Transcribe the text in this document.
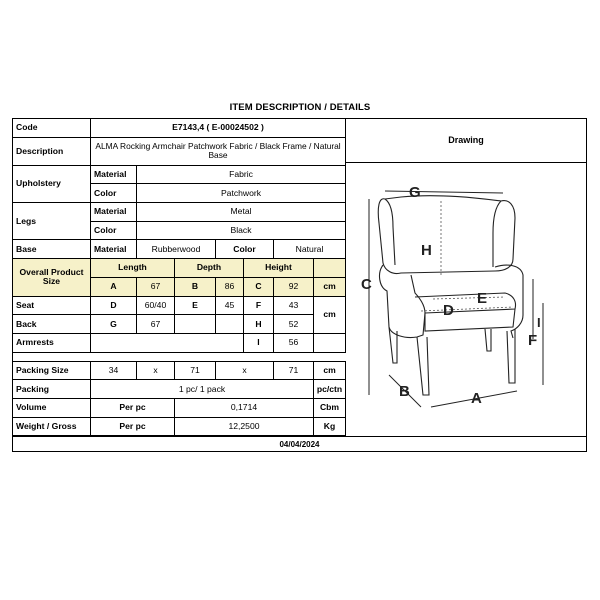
ITEM DESCRIPTION / DETAILS
Code	E7143,4 ( E-00024502 )						
Description	ALMA Rocking Armchair Patchwork Fabric / Black Frame / Natural Base						
Upholstery	Material	Fabric					
	Color	Patchwork					
Legs	Material	Metal					
	Color	Black					
Base	Material	Rubberwood		Color		Natural	
Overall Product Size	Length		Depth		Height		
	A	67	B	86	C	92	cm
Seat	D	60/40	E	45	F	43	cm
Back	G	67			H	52	
Armrests					I	56	

Packing Size	34	x	71	x		71	cm
Packing	1 pc/ 1 pack						pc/ctn
Volume	Per pc		0,1714				Cbm
Weight / Gross	Per pc		12,2500				Kg
Drawing
G
H
C
E
D
F
I
B	A
04/04/2024
